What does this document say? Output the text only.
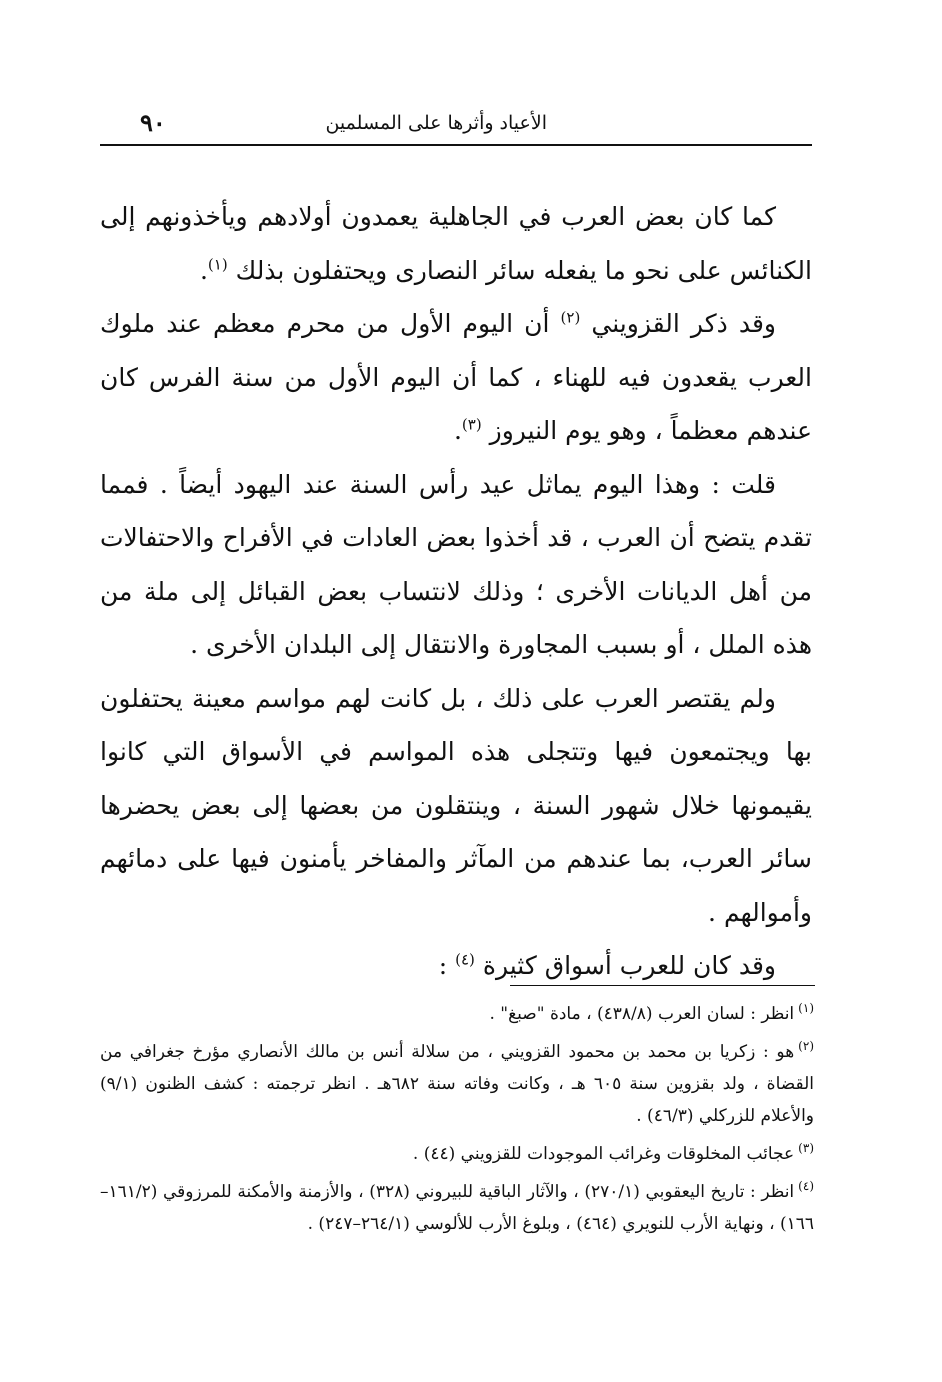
الأعياد وأثرها على المسلمين
٩٠

كما كان بعض العرب في الجاهلية يعمدون أولادهم ويأخذونهم إلى الكنائس على نحو ما يفعله سائر النصارى ويحتفلون بذلك $^{(١)}$.

وقد ذكر القزويني $^{(٢)}$ أن اليوم الأول من محرم معظم عند ملوك العرب يقعدون فيه للهناء ، كما أن اليوم الأول من سنة الفرس كان عندهم معظماً ، وهو يوم النيروز $^{(٣)}$.

قلت : وهذا اليوم يماثل عيد رأس السنة عند اليهود أيضاً . فمما تقدم يتضح أن العرب ، قد أخذوا بعض العادات في الأفراح والاحتفالات من أهل الديانات الأخرى ؛ وذلك لانتساب بعض القبائل إلى ملة من هذه الملل ، أو بسبب المجاورة والانتقال إلى البلدان الأخرى .

ولم يقتصر العرب على ذلك ، بل كانت لهم مواسم معينة يحتفلون بها ويجتمعون فيها وتتجلى هذه المواسم في الأسواق التي كانوا يقيمونها خلال شهور السنة ، وينتقلون من بعضها إلى بعض يحضرها سائر العرب، بما عندهم من المآثر والمفاخر يأمنون فيها على دمائهم وأموالهم .

وقد كان للعرب أسواق كثيرة $^{(٤)}$ :

$^{(١)}$انظر : لسان العرب (٤٣٨/٨) ، مادة "صبغ" .

$^{(٢)}$هو : زكريا بن محمد بن محمود القزويني ، من سلالة أنس بن مالك الأنصاري مؤرخ جغرافي من القضاة ، ولد بقزوين سنة ٦٠٥ هـ ، وكانت وفاته سنة ٦٨٢هـ . انظر ترجمته : كشف الظنون (٩/١) والأعلام للزركلي (٤٦/٣) .

$^{(٣)}$عجائب المخلوقات وغرائب الموجودات للقزويني (٤٤) .

$^{(٤)}$انظر : تاريخ اليعقوبي (٢٧٠/١) ، والآثار الباقية للبيروني (٣٢٨) ، والأزمنة والأمكنة للمرزوقي (١٦١/٢–١٦٦) ، ونهاية الأرب للنويري (٤٦٤) ، وبلوغ الأرب للألوسي (٢٦٤/١–٢٤٧) .
